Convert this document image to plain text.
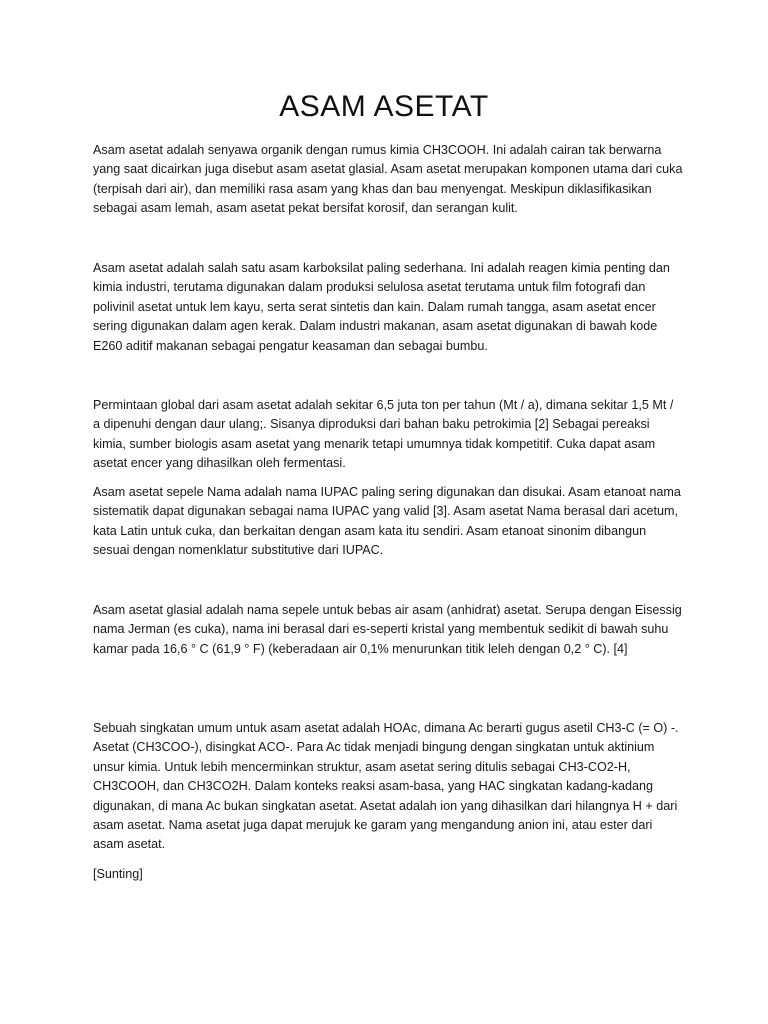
ASAM ASETAT

Asam asetat adalah senyawa organik dengan rumus kimia CH3COOH. Ini adalah cairan tak berwarna yang saat dicairkan juga disebut asam asetat glasial. Asam asetat merupakan komponen utama dari cuka (terpisah dari air), dan memiliki rasa asam yang khas dan bau menyengat. Meskipun diklasifikasikan sebagai asam lemah, asam asetat pekat bersifat korosif, dan serangan kulit.

Asam asetat adalah salah satu asam karboksilat paling sederhana. Ini adalah reagen kimia penting dan kimia industri, terutama digunakan dalam produksi selulosa asetat terutama untuk film fotografi dan polivinil asetat untuk lem kayu, serta serat sintetis dan kain. Dalam rumah tangga, asam asetat encer sering digunakan dalam agen kerak. Dalam industri makanan, asam asetat digunakan di bawah kode E260 aditif makanan sebagai pengatur keasaman dan sebagai bumbu.

Permintaan global dari asam asetat adalah sekitar 6,5 juta ton per tahun (Mt / a), dimana sekitar 1,5 Mt / a dipenuhi dengan daur ulang;. Sisanya diproduksi dari bahan baku petrokimia [2] Sebagai pereaksi kimia, sumber biologis asam asetat yang menarik tetapi umumnya tidak kompetitif. Cuka dapat asam asetat encer yang dihasilkan oleh fermentasi.

Asam asetat sepele Nama adalah nama IUPAC paling sering digunakan dan disukai. Asam etanoat nama sistematik dapat digunakan sebagai nama IUPAC yang valid [3]. Asam asetat Nama berasal dari acetum, kata Latin untuk cuka, dan berkaitan dengan asam kata itu sendiri. Asam etanoat sinonim dibangun sesuai dengan nomenklatur substitutive dari IUPAC.

Asam asetat glasial adalah nama sepele untuk bebas air asam (anhidrat) asetat. Serupa dengan Eisessig nama Jerman (es cuka), nama ini berasal dari es-seperti kristal yang membentuk sedikit di bawah suhu kamar pada 16,6 ° C (61,9 ° F) (keberadaan air 0,1% menurunkan titik leleh dengan 0,2 ° C). [4]

Sebuah singkatan umum untuk asam asetat adalah HOAc, dimana Ac berarti gugus asetil CH3-C (= O) -. Asetat (CH3COO-), disingkat ACO-. Para Ac tidak menjadi bingung dengan singkatan untuk aktinium unsur kimia. Untuk lebih mencerminkan struktur, asam asetat sering ditulis sebagai CH3-CO2-H, CH3COOH, dan CH3CO2H. Dalam konteks reaksi asam-basa, yang HAC singkatan kadang-kadang digunakan, di mana Ac bukan singkatan asetat. Asetat adalah ion yang dihasilkan dari hilangnya H + dari asam asetat. Nama asetat juga dapat merujuk ke garam yang mengandung anion ini, atau ester dari asam asetat.

[Sunting]
